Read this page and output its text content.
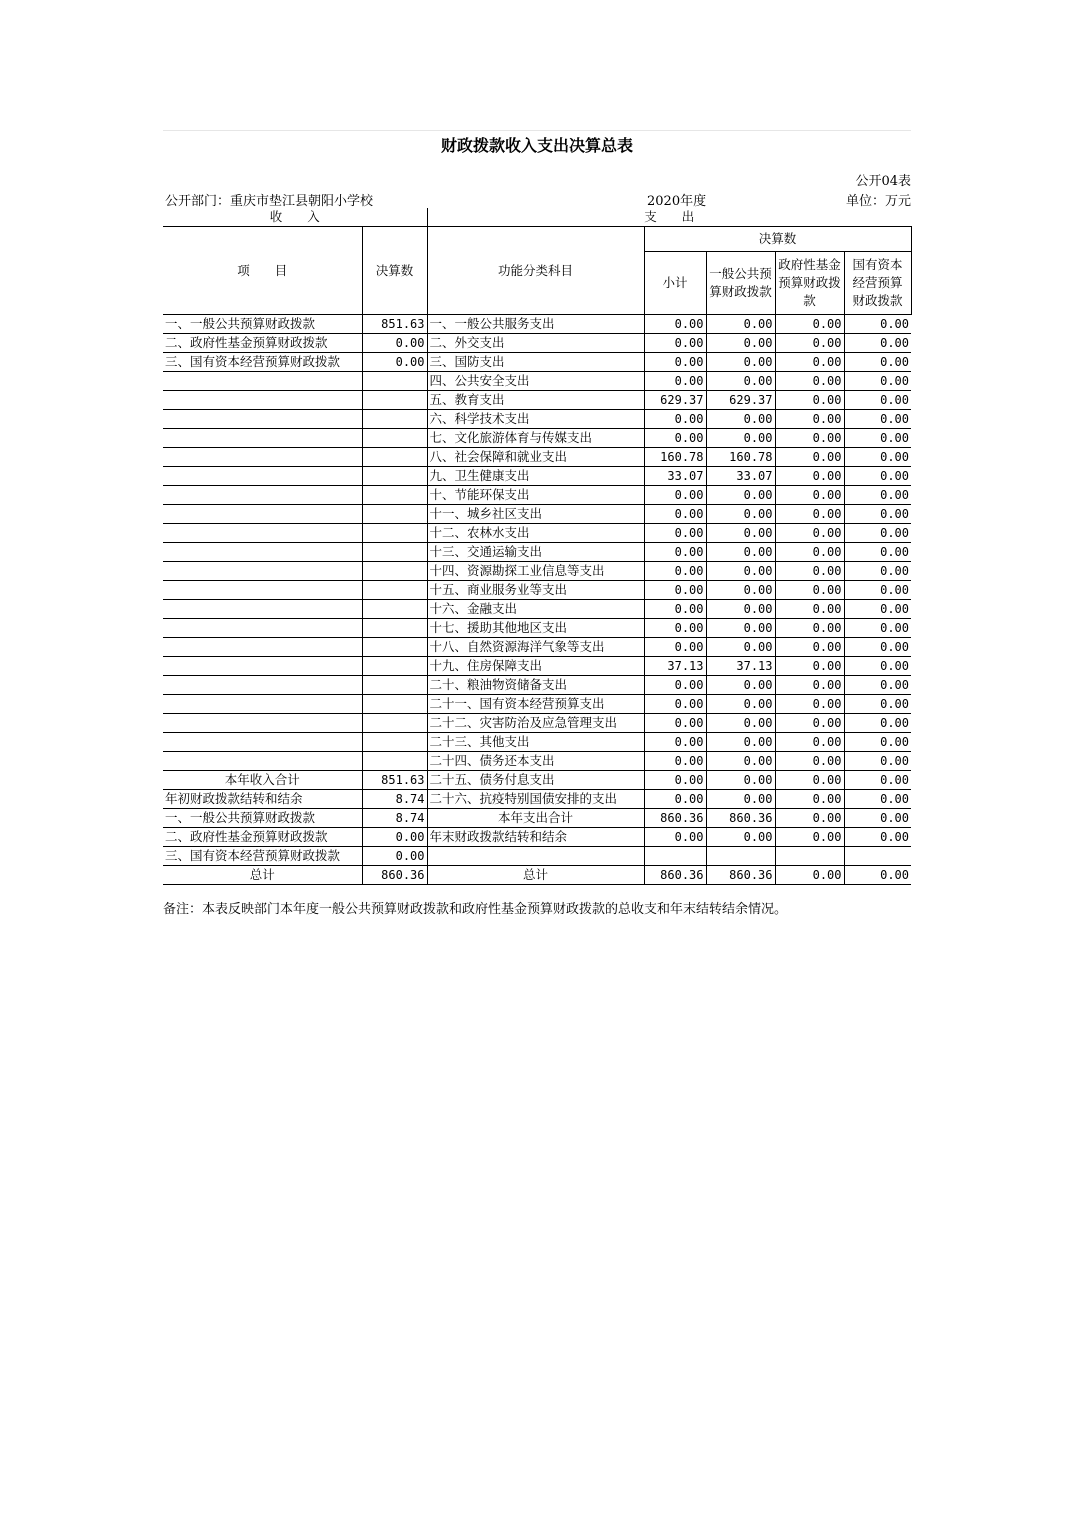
财政拨款收入支出决算总表
公开04表
公开部门：重庆市垫江县朝阳小学校	2020年度	单位：万元
收　　入		支　　出				
项　　目	决算数	功能分类科目	决算数			
			小计	一般公共预算财政拨款	政府性基金预算财政拨款	国有资本经营预算财政拨款
一、一般公共预算财政拨款	851.63	一、一般公共服务支出	0.00	0.00	0.00	0.00
二、政府性基金预算财政拨款	0.00	二、外交支出	0.00	0.00	0.00	0.00
三、国有资本经营预算财政拨款	0.00	三、国防支出	0.00	0.00	0.00	0.00
		四、公共安全支出	0.00	0.00	0.00	0.00
		五、教育支出	629.37	629.37	0.00	0.00
		六、科学技术支出	0.00	0.00	0.00	0.00
		七、文化旅游体育与传媒支出	0.00	0.00	0.00	0.00
		八、社会保障和就业支出	160.78	160.78	0.00	0.00
		九、卫生健康支出	33.07	33.07	0.00	0.00
		十、节能环保支出	0.00	0.00	0.00	0.00
		十一、城乡社区支出	0.00	0.00	0.00	0.00
		十二、农林水支出	0.00	0.00	0.00	0.00
		十三、交通运输支出	0.00	0.00	0.00	0.00
		十四、资源勘探工业信息等支出	0.00	0.00	0.00	0.00
		十五、商业服务业等支出	0.00	0.00	0.00	0.00
		十六、金融支出	0.00	0.00	0.00	0.00
		十七、援助其他地区支出	0.00	0.00	0.00	0.00
		十八、自然资源海洋气象等支出	0.00	0.00	0.00	0.00
		十九、住房保障支出	37.13	37.13	0.00	0.00
		二十、粮油物资储备支出	0.00	0.00	0.00	0.00
		二十一、国有资本经营预算支出	0.00	0.00	0.00	0.00
		二十二、灾害防治及应急管理支出	0.00	0.00	0.00	0.00
		二十三、其他支出	0.00	0.00	0.00	0.00
		二十四、债务还本支出	0.00	0.00	0.00	0.00
本年收入合计	851.63	二十五、债务付息支出	0.00	0.00	0.00	0.00
年初财政拨款结转和结余	8.74	二十六、抗疫特别国债安排的支出	0.00	0.00	0.00	0.00
一、一般公共预算财政拨款	8.74	本年支出合计	860.36	860.36	0.00	0.00
二、政府性基金预算财政拨款	0.00	年末财政拨款结转和结余	0.00	0.00	0.00	0.00
三、国有资本经营预算财政拨款	0.00					
总计	860.36	总计	860.36	860.36	0.00	0.00
备注：本表反映部门本年度一般公共预算财政拨款和政府性基金预算财政拨款的总收支和年末结转结余情况。
